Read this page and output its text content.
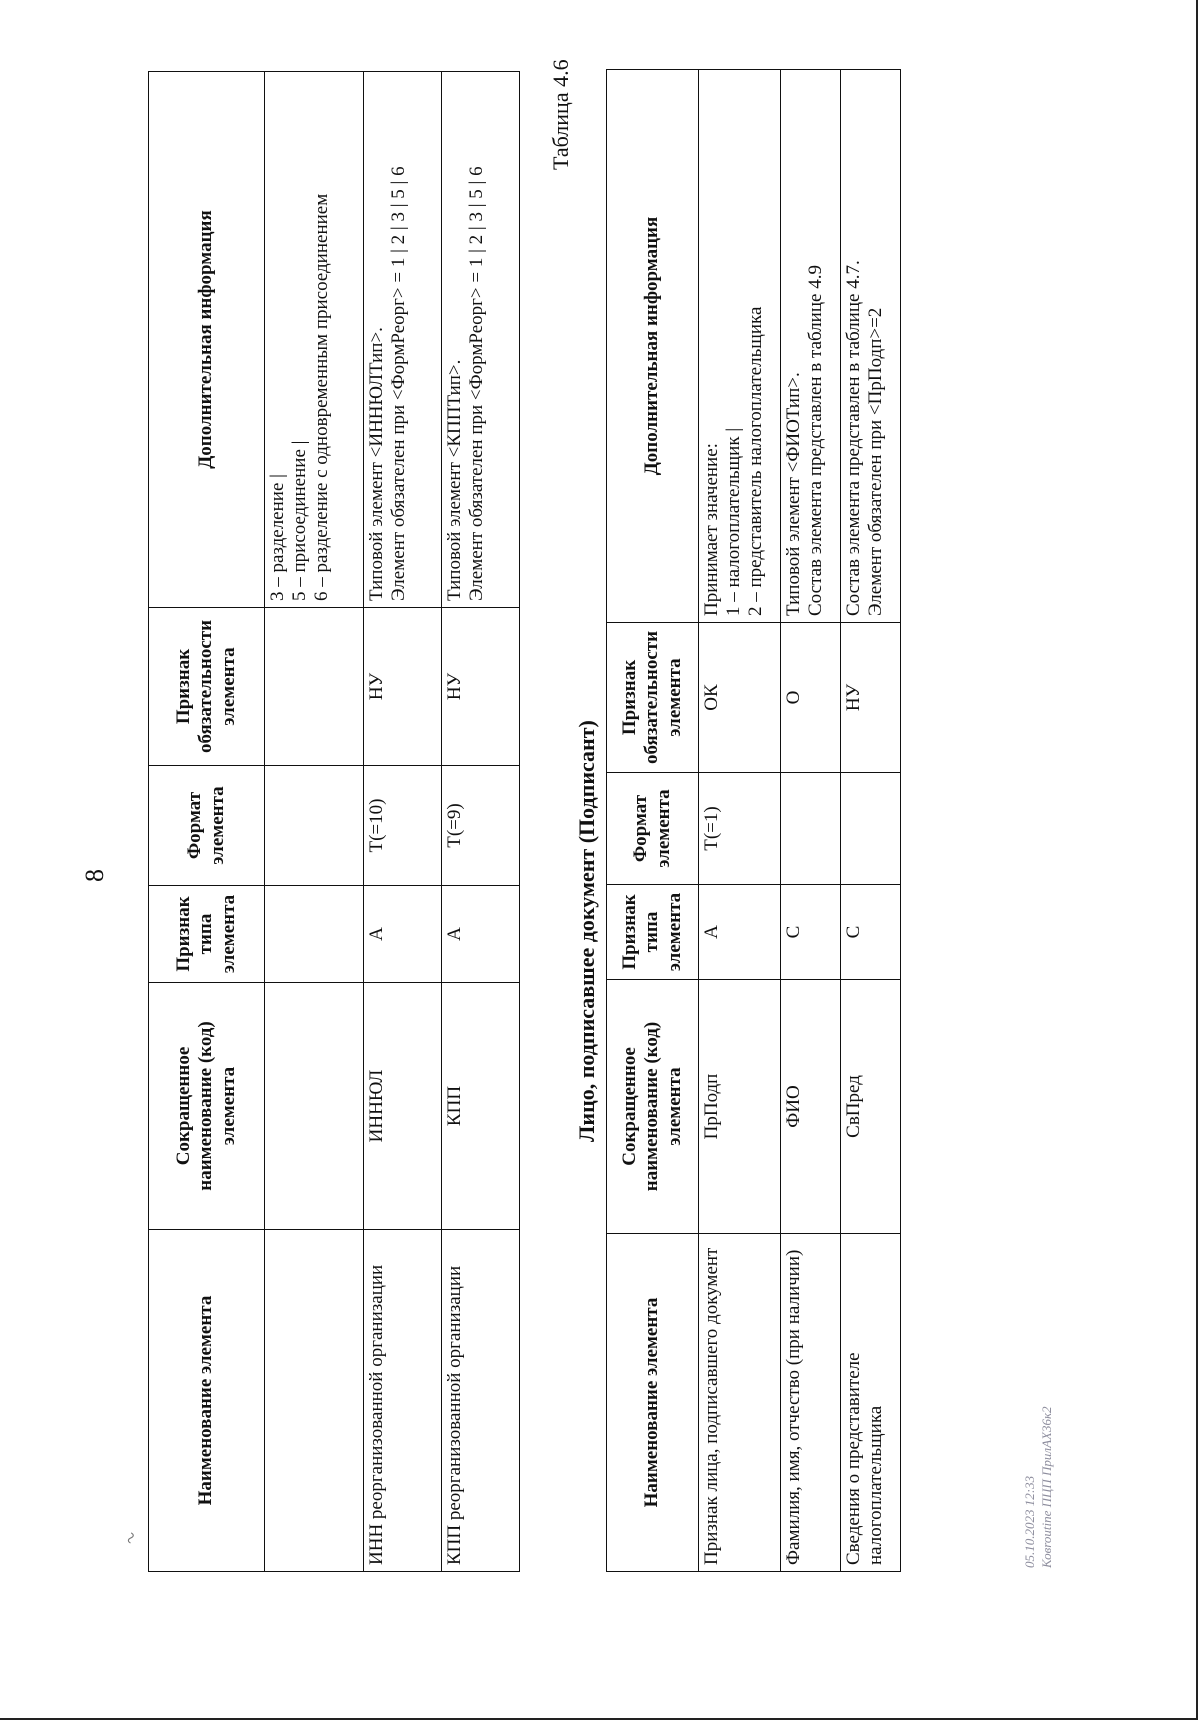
~
8
Наименование элемента	Сокращенное наименование (код) элемента	Признак типа элемента	Формат элемента	Признак обязательности элемента	Дополнительная информация

					3 – разделение | 5 – присоединение | 6 – разделение с одновременным присоединением

ИНН реорганизованной организации	ИННЮЛ	А	T(=10)	НУ	Типовой элемент <ИННЮЛТип>. Элемент обязателен при <ФормРеорг> = 1 | 2 | 3 | 5 | 6

КПП реорганизованной организации	КПП	А	T(=9)	НУ	Типовой элемент <КППТип>. Элемент обязателен при <ФормРеорг> = 1 | 2 | 3 | 5 | 6
Таблица 4.6
Лицо, подписавшее документ (Подписант)
Наименование элемента	Сокращенное наименование (код) элемента	Признак типа элемента	Формат элемента	Признак обязательности элемента	Дополнительная информация
Признак лица, подписавшего документ	ПрПодп	А	T(=1)	ОК	Принимает значение: 1 – налогоплательщик | 2 – представитель налогоплательщика

Фамилия, имя, отчество (при наличии)	ФИО	С		О	Типовой элемент <ФИОТип>. Состав элемента представлен в таблице 4.9

Сведения о представителе налогоплательщика	СвПред	С		НУ	Состав элемента представлен в таблице 4.7. Элемент обязателен при <ПрПодп>=2
05.10.2023 12:33 Ковroutine ПЦП ПрилАХ36к2
